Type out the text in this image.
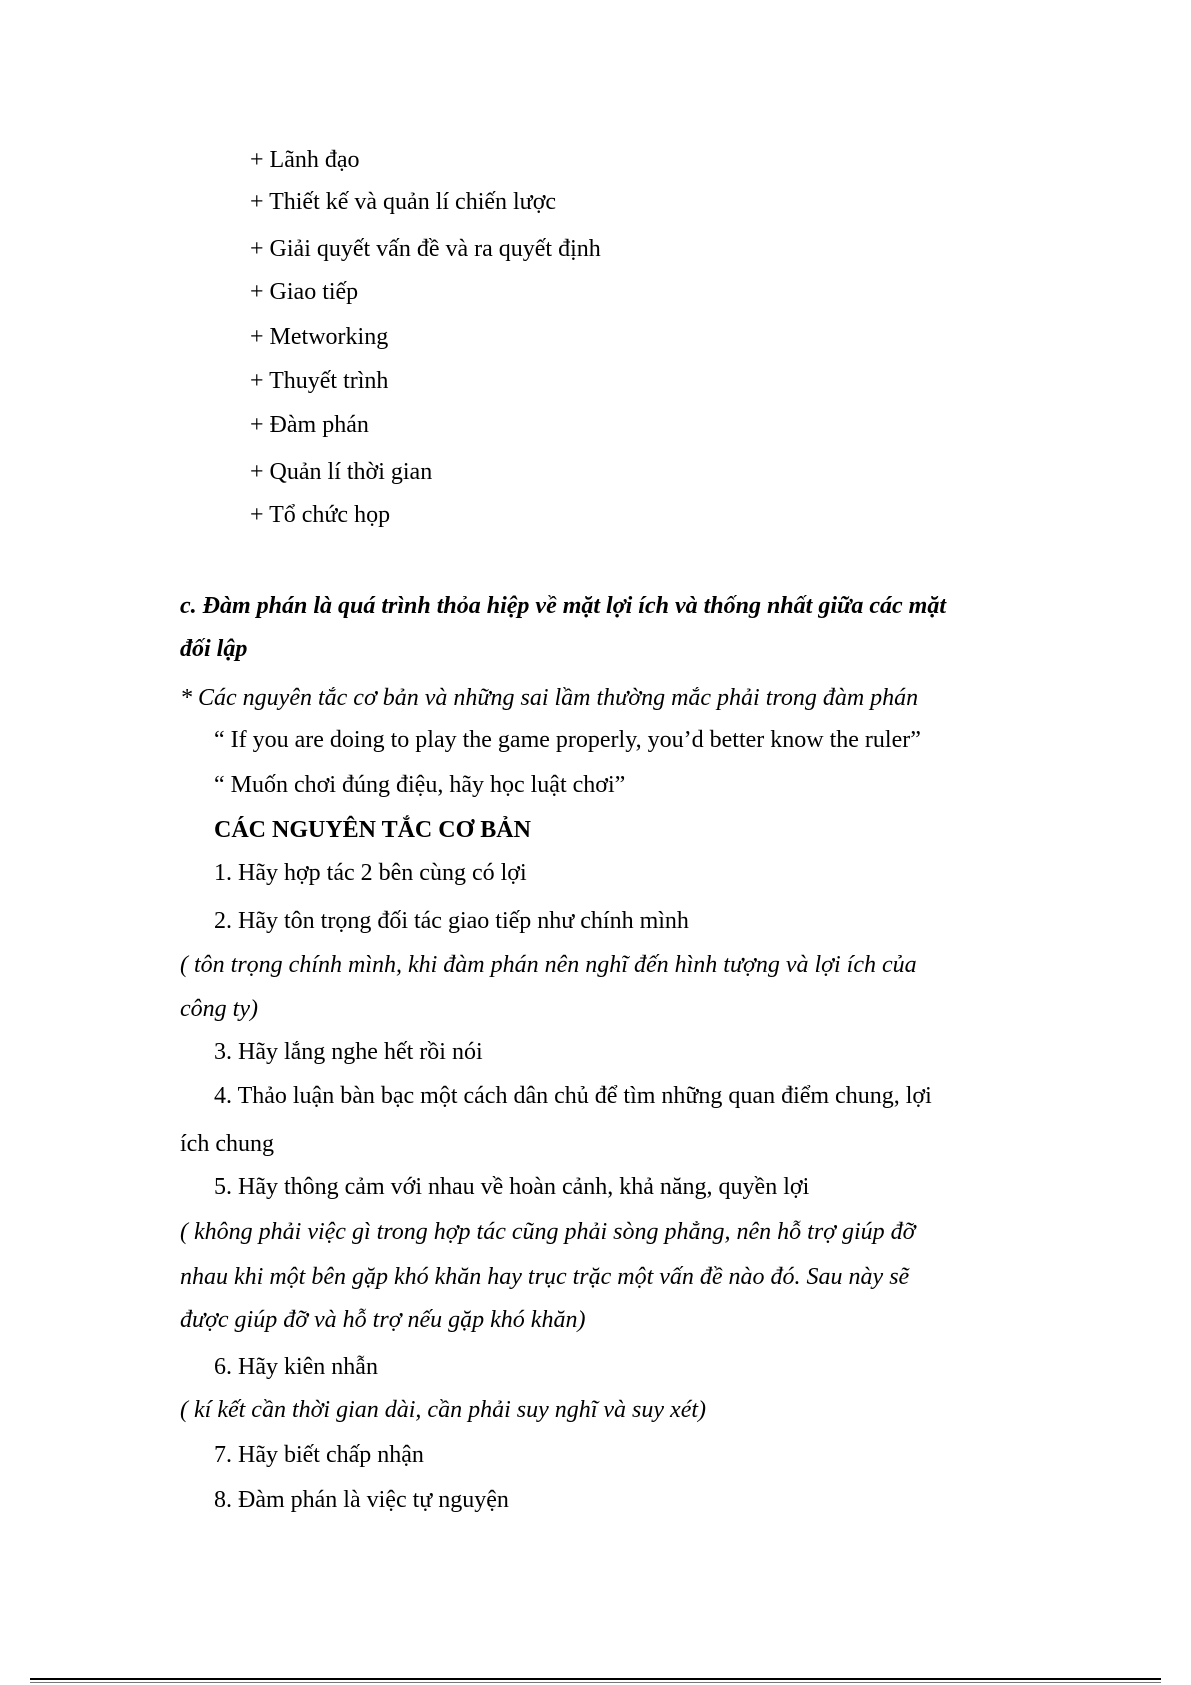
+ Lãnh đạo

+ Thiết kế và quản lí chiến lược

+ Giải quyết vấn đề và ra quyết định

+ Giao tiếp

+ Metworking

+ Thuyết trình

+ Đàm phán

+ Quản lí thời gian

+ Tổ chức họp

c. Đàm phán là quá trình thỏa hiệp về mặt lợi ích và thống nhất giữa các mặt

đối lập

* Các nguyên tắc cơ bản và những sai lầm thường mắc phải trong đàm phán

“ If you are doing to play the game properly, you’d better know the ruler”

“ Muốn chơi đúng điệu, hãy học luật chơi”

CÁC NGUYÊN TẮC CƠ BẢN

1. Hãy hợp tác 2 bên cùng có lợi

2. Hãy tôn trọng đối tác giao tiếp như chính mình

( tôn trọng chính mình, khi đàm phán nên nghĩ đến hình tượng và lợi ích của

công ty)

3. Hãy lắng nghe hết rồi nói

4. Thảo luận bàn bạc một cách dân chủ để tìm những quan điểm chung, lợi

ích chung

5. Hãy thông cảm với nhau về hoàn cảnh, khả năng, quyền lợi

( không phải việc gì trong hợp tác cũng phải sòng phẳng, nên hỗ trợ giúp đỡ

nhau khi một bên gặp khó khăn hay trục trặc một vấn đề nào đó. Sau này sẽ

được giúp đỡ và hỗ trợ nếu gặp khó khăn)

6. Hãy kiên nhẫn

( kí kết cần thời gian dài, cần phải suy nghĩ và suy xét)

7. Hãy biết chấp nhận

8. Đàm phán là việc tự nguyện
